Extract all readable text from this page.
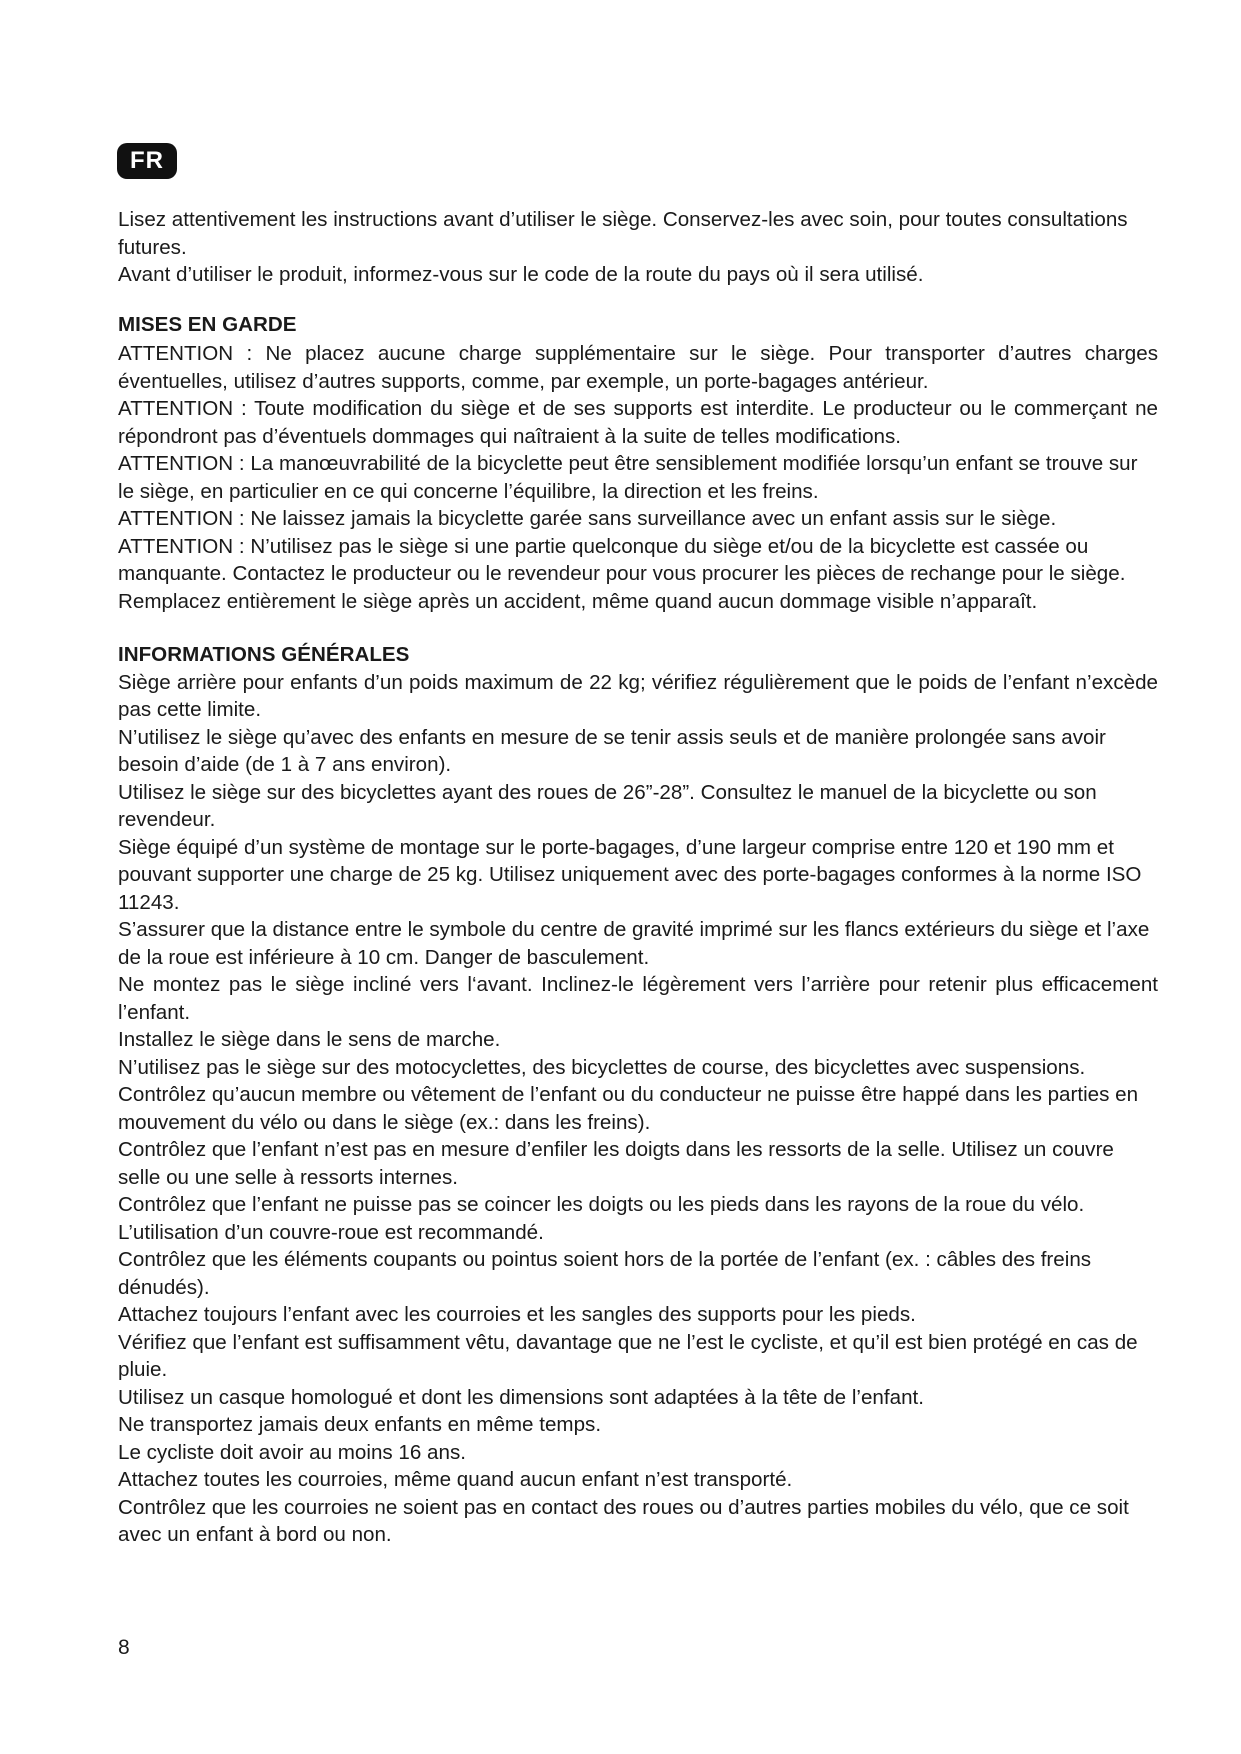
FR

Lisez attentivement les instructions avant d’utiliser le siège. Conservez-les avec soin, pour toutes consultations futures.

Avant d’utiliser le produit, informez-vous sur le code de la route du pays où il sera utilisé.

MISES EN GARDE

ATTENTION : Ne placez aucune charge supplémentaire sur le siège. Pour transporter d’autres charges éventuelles, utilisez d’autres supports, comme, par exemple, un porte-bagages antérieur.

ATTENTION : Toute modification du siège et de ses supports est interdite. Le producteur ou le commerçant ne répondront pas d’éventuels dommages qui naîtraient à la suite de telles modifications.

ATTENTION : La manœuvrabilité de la bicyclette peut être sensiblement modifiée lorsqu’un enfant se trouve sur le siège, en particulier en ce qui concerne l’équilibre, la direction et les freins.

ATTENTION : Ne laissez jamais la bicyclette garée sans surveillance avec un enfant assis sur le siège.

ATTENTION : N’utilisez pas le siège si une partie quelconque du siège et/ou de la bicyclette est cassée ou manquante. Contactez le producteur ou le revendeur pour vous procurer les pièces de rechange pour le siège.

Remplacez entièrement le siège après un accident, même quand aucun dommage visible n’apparaît.

INFORMATIONS GÉNÉRALES

Siège arrière pour enfants d’un poids maximum de 22 kg; vérifiez régulièrement que le poids de l’enfant n’excède pas cette limite.

N’utilisez le siège qu’avec des enfants en mesure de se tenir assis seuls et de manière prolongée sans avoir besoin d’aide (de 1 à 7 ans environ).

Utilisez le siège sur des bicyclettes ayant des roues de 26”-28”. Consultez le manuel de la bicyclette ou son revendeur.

Siège équipé d’un système de montage sur le porte-bagages, d’une largeur comprise entre 120 et 190 mm et pouvant supporter une charge de 25 kg. Utilisez uniquement avec des porte-bagages conformes à la norme ISO 11243.

S’assurer que la distance entre le symbole du centre de gravité imprimé sur les flancs extérieurs du siège et l’axe de la roue est inférieure à 10 cm. Danger de basculement.

Ne montez pas le siège incliné vers l‘avant. Inclinez-le légèrement vers l’arrière pour retenir plus efficacement l’enfant.

Installez le siège dans le sens de marche.

N’utilisez pas le siège sur des motocyclettes, des bicyclettes de course, des bicyclettes avec suspensions.

Contrôlez qu’aucun membre ou vêtement de l’enfant ou du conducteur ne puisse être happé dans les parties en mouvement du vélo ou dans le siège (ex.: dans les freins).

Contrôlez que l’enfant n’est pas en mesure d’enfiler les doigts dans les ressorts de la selle. Utilisez un couvre selle ou une selle à ressorts internes.

Contrôlez que l’enfant ne puisse pas se coincer les doigts ou les pieds dans les rayons de la roue du vélo. L’utilisation d’un couvre-roue est recommandé.

Contrôlez que les éléments coupants ou pointus soient hors de la portée de l’enfant (ex. : câbles des freins dénudés).

Attachez toujours l’enfant avec les courroies et les sangles des supports pour les pieds.

Vérifiez que l’enfant est suffisamment vêtu, davantage que ne l’est le cycliste, et qu’il est bien protégé en cas de pluie.

Utilisez un casque homologué et dont les dimensions sont adaptées à la tête de l’enfant.

Ne transportez jamais deux enfants en même temps.

Le cycliste doit avoir au moins 16 ans.

Attachez toutes les courroies, même quand aucun enfant n’est transporté.

Contrôlez que les courroies ne soient pas en contact des roues ou d’autres parties mobiles du vélo, que ce soit avec un enfant à bord ou non.

8
